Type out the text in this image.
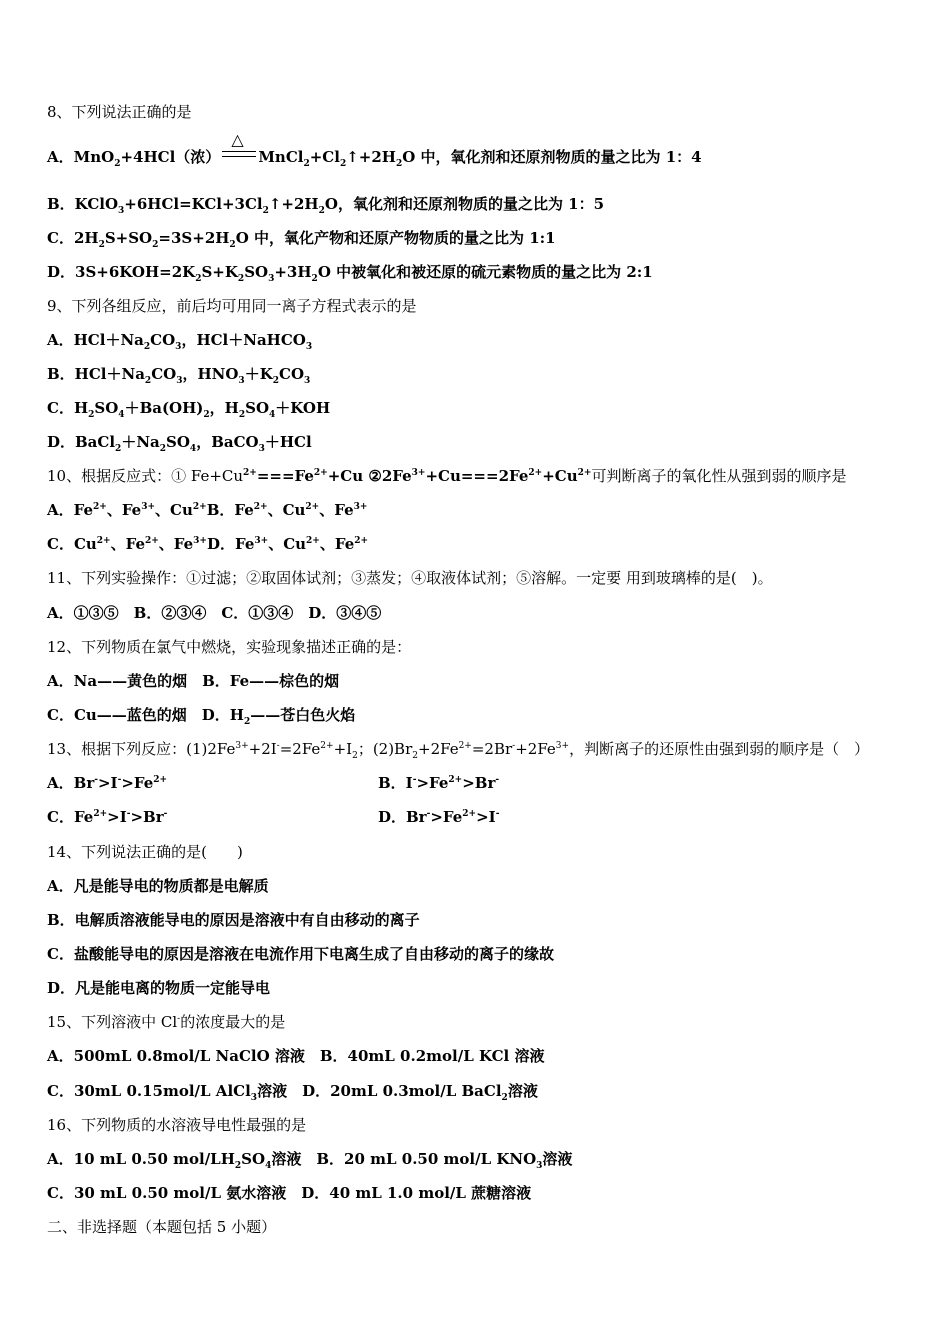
8、下列说法正确的是
A．MnO$_2$+4HCl（浓）
△
$MnCl_2+Cl_2↑+2H_2O$ 中，氧化剂和还原剂物质的量之比为 1：4
B．$KClO_3+6HCl=KCl+3Cl_2↑+2H_2O$，氧化剂和还原剂物质的量之比为 1：5
C．$2H_2S+SO_2=3S+2H_2O$ 中，氧化产物和还原产物物质的量之比为 1:1
D．$3S+6KOH=2K_2S+K_2SO_3+3H_2O$ 中被氧化和被还原的硫元素物质的量之比为 2:1
9、下列各组反应，前后均可用同一离子方程式表示的是
A．$HCl+Na_2CO_3$，HCl＋NaHCO$_3$
B．$HCl+Na_2CO_3$，$HNO_3+K_2CO_3$
C．$H_2SO_4+Ba(OH)_2$，$H_2SO_4+KOH$
D．$BaCl_2+Na_2SO_4$，BaCO$_3$＋HCl
10、根据反应式：① $Fe+Cu^{2+}===Fe^{2+}+Cu$ $②2Fe^{3+}+Cu===2Fe^{2+}+Cu^{2+}$可判断离子的氧化性从强到弱的顺序是
A．$Fe^{2+}$、$Fe^{3+}$、$Cu^{2+}B$．$Fe^{2+}$、$Cu^{2+}$、$Fe^{3+}$
C．$Cu^{2+}$、$Fe^{2+}$、$Fe^{3+}D$．$Fe^{3+}$、$Cu^{2+}$、$Fe^{2+}$
11、下列实验操作：①过滤；②取固体试剂；③蒸发；④取液体试剂；⑤溶解。一定要 用到玻璃棒的是(　)。
A．①③⑤　B．②③④　C．①③④　D．③④⑤
12、下列物质在氯气中燃烧，实验现象描述正确的是：
A．Na——黄色的烟　B．Fe——棕色的烟
C．Cu——蓝色的烟　D．$H_2——$苍白色火焰
13、根据下列反应：$(1)2Fe^{3+}+2I^-=2Fe^{2+}+I_2$；$(2)Br_2+2Fe^{2+}=2Br^-+2Fe^{3+}$，判断离子的还原性由强到弱的顺序是（　）
A．$Br^->I^->Fe^{2+}$	B．$I^->Fe^{2+}>Br^-$
C．$Fe^{2+}>I^->Br^-$	D．$Br^->Fe^{2+}>I^-$
14、下列说法正确的是(　　)
A．凡是能导电的物质都是电解质
B．电解质溶液能导电的原因是溶液中有自由移动的离子
C．盐酸能导电的原因是溶液在电流作用下电离生成了自由移动的离子的缘故
D．凡是能电离的物质一定能导电
15、下列溶液中 Cl-的浓度最大的是
A．500mL 0.8mol/L NaClO 溶液　B．40mL 0.2mol/L KCl 溶液
C．30mL 0.15mol/L AlCl$_3$溶液　D．20mL 0.3mol/L BaCl$_2$溶液
16、下列物质的水溶液导电性最强的是
A．10 mL 0.50 mol/$LH_2SO_4$溶液　B．20 mL 0.50 mol/L $KNO_3$溶液
C．30 mL 0.50 mol/L 氨水溶液　D．40 mL 1.0 mol/L 蔗糖溶液
二、非选择题（本题包括 5 小题）
